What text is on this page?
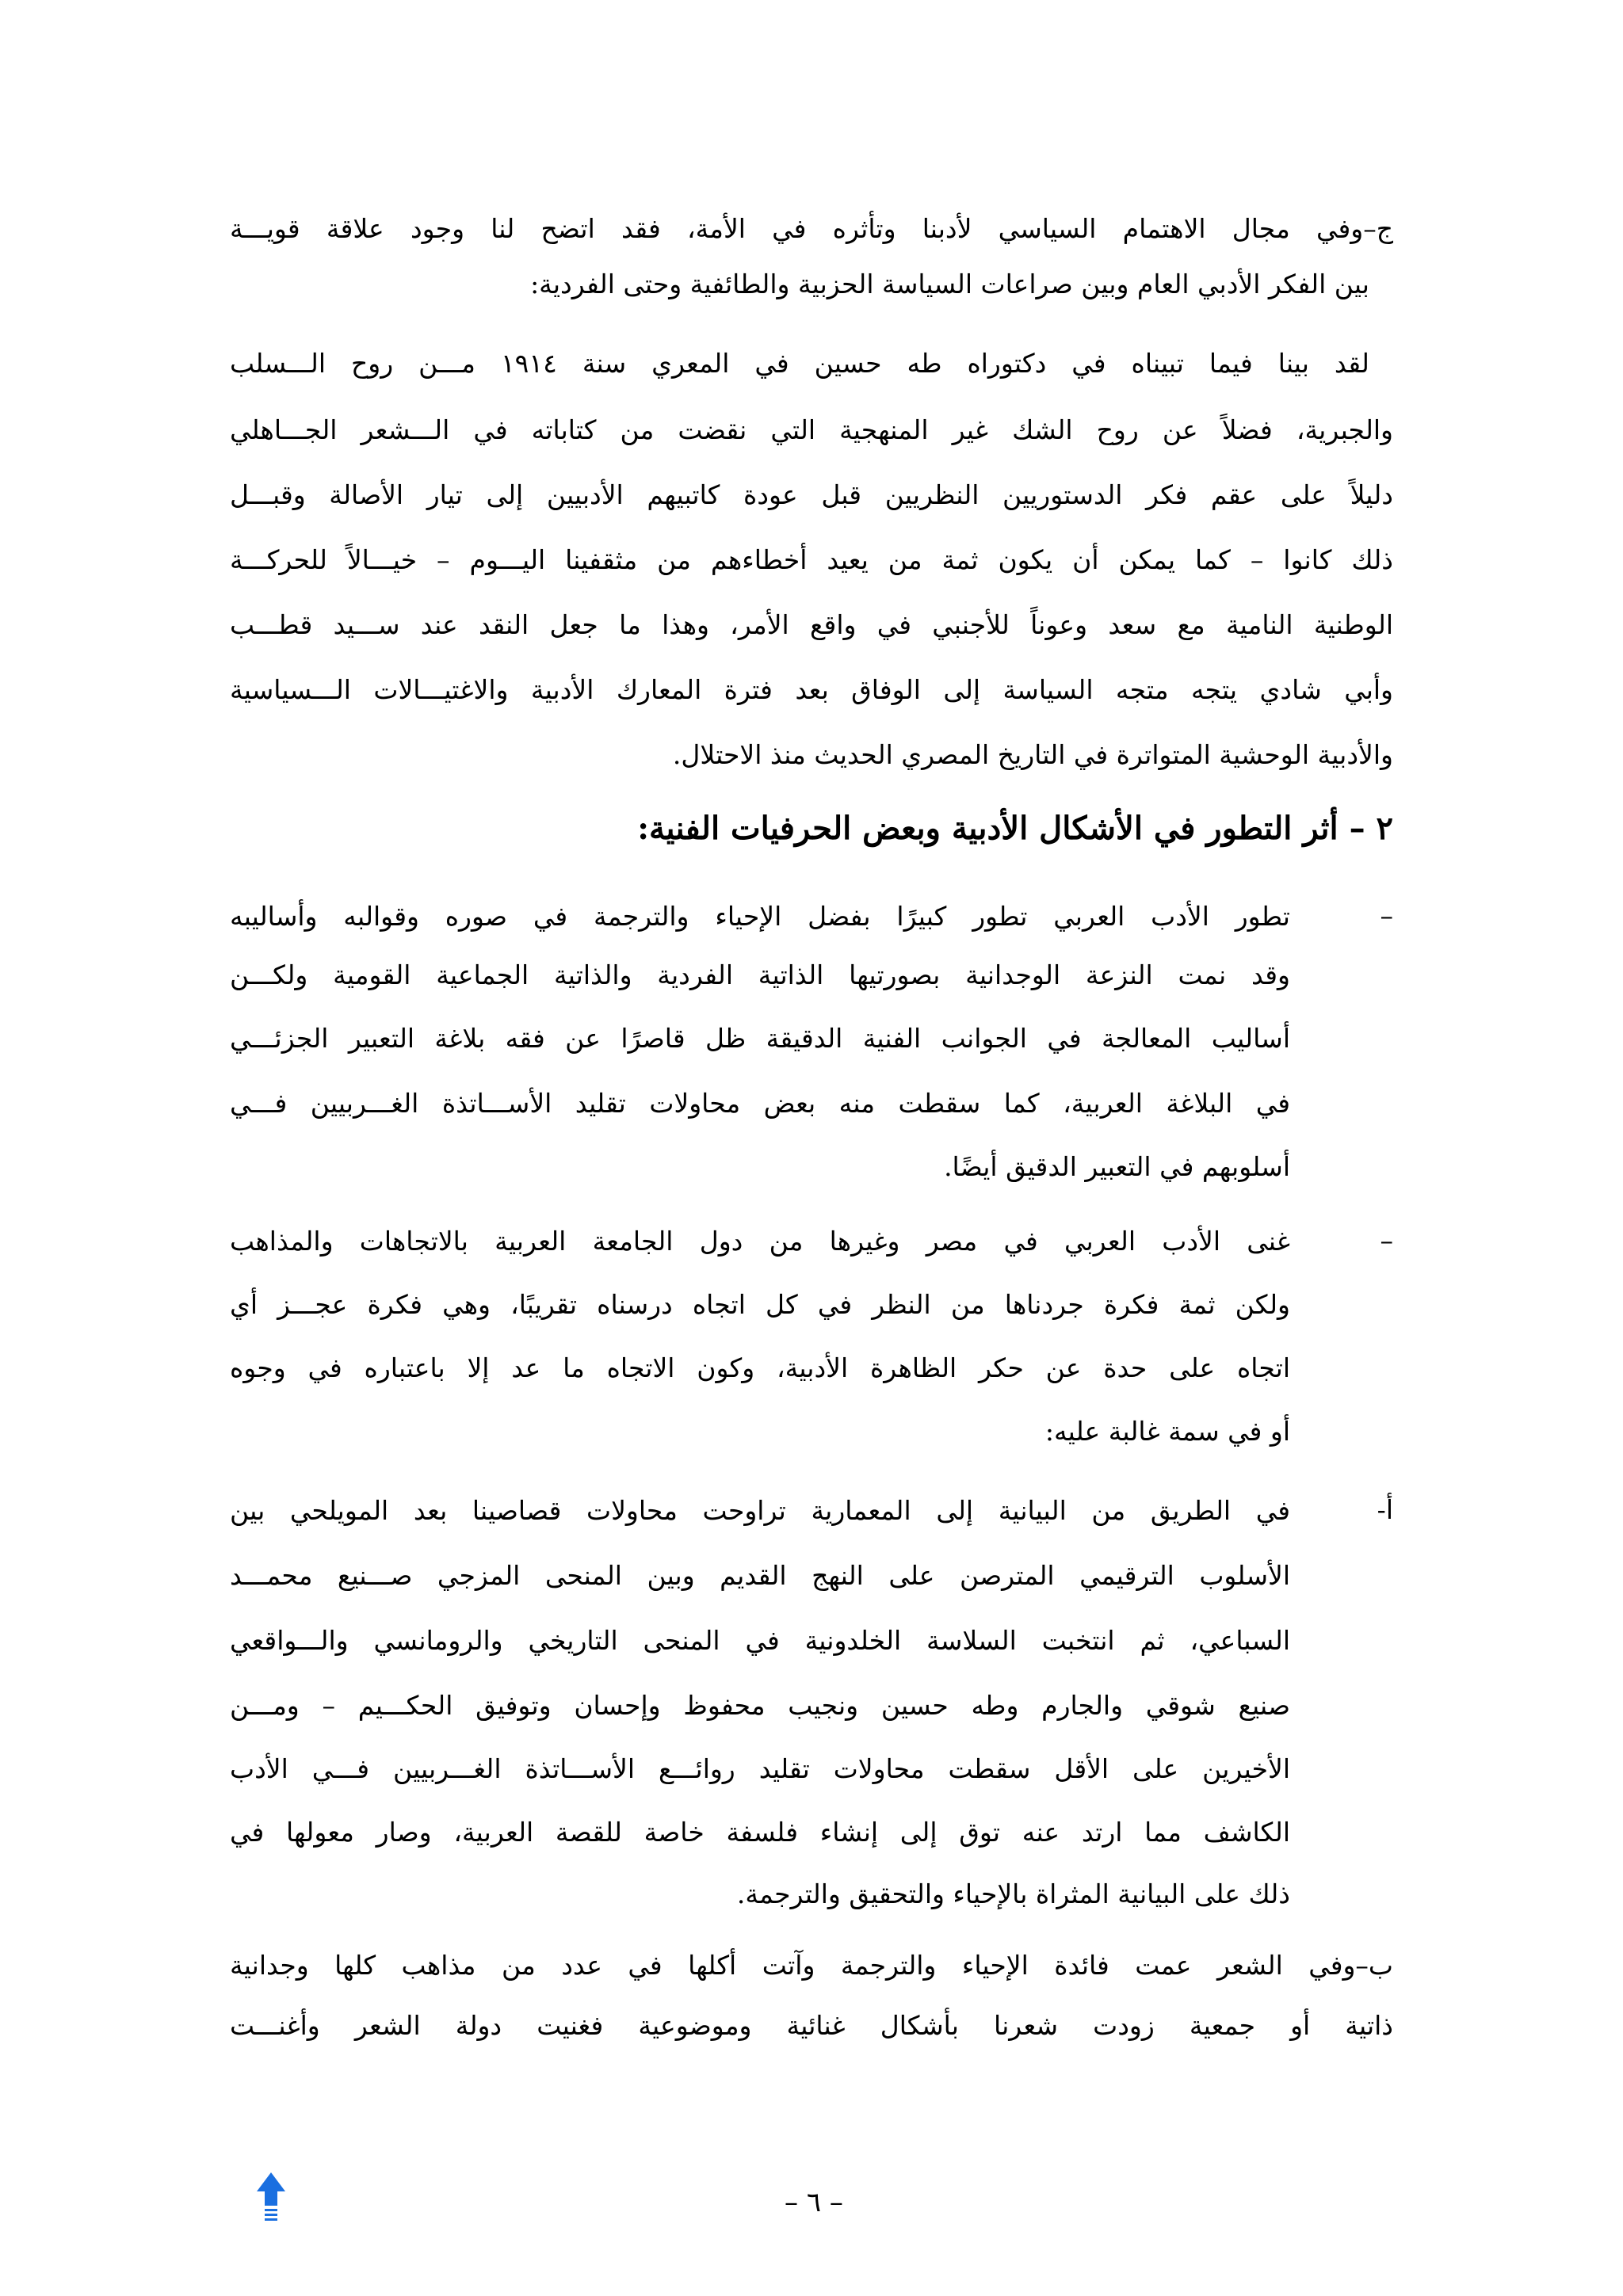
ج–وفي مجال الاهتمام السياسي لأدبنا وتأثره في الأمة، فقد اتضح لنا وجود علاقة قويـــة
بين الفكر الأدبي العام وبين صراعات السياسة الحزبية والطائفية وحتى الفردية:
لقد بينا فيما تبيناه في دكتوراه طه حسين في المعري سنة ١٩١٤ مـــن روح الـــسلب
والجبرية، فضلاً عن روح الشك غير المنهجية التي نقضت من كتاباته في الـــشعر الجـــاهلي
دليلاً على عقم فكر الدستوريين النظريين قبل عودة كاتبيهم الأدبيين إلى تيار الأصالة وقبـــل
ذلك كانوا – كما يمكن أن يكون ثمة من يعيد أخطاءهم من مثقفينا اليـــوم – خيـــالاً للحركـــة
الوطنية النامية مع سعد وعوناً للأجنبي في واقع الأمر، وهذا ما جعل النقد عند ســـيد قطـــب
وأبي شادي يتجه متجه السياسة إلى الوفاق بعد فترة المعارك الأدبية والاغتيـــالات الـــسياسية
والأدبية الوحشية المتواترة في التاريخ المصري الحديث منذ الاحتلال.
٢ – أثر التطور في الأشكال الأدبية وبعض الحرفيات الفنية:
–
تطور الأدب العربي تطور كبيرًا بفضل الإحياء والترجمة في صوره وقوالبه وأساليبه
وقد نمت النزعة الوجدانية بصورتيها الذاتية الفردية والذاتية الجماعية القومية ولكـــن
أساليب المعالجة في الجوانب الفنية الدقيقة ظل قاصرًا عن فقه بلاغة التعبير الجزئـــي
في البلاغة العربية، كما سقطت منه بعض محاولات تقليد الأســـاتذة الغـــربيين فـــي
أسلوبهم في التعبير الدقيق أيضًا.
–
غنى الأدب العربي في مصر وغيرها من دول الجامعة العربية بالاتجاهات والمذاهب
ولكن ثمة فكرة جردناها من النظر في كل اتجاه درسناه تقريبًا، وهي فكرة عجـــز أي
اتجاه على حدة عن حكر الظاهرة الأدبية، وكون الاتجاه ما عد إلا باعتباره في وجوه
أو في سمة غالبة عليه:
أ-
في الطريق من البيانية إلى المعمارية تراوحت محاولات قصاصينا بعد المويلحي بين
الأسلوب الترقيمي المترصن على النهج القديم وبين المنحى المزجي صـــنيع محمـــد
السباعي، ثم انتخبت السلاسة الخلدونية في المنحى التاريخي والرومانسي والـــواقعي
صنيع شوقي والجارم وطه حسين ونجيب محفوظ وإحسان وتوفيق الحكـــيم – ومـــن
الأخيرين على الأقل سقطت محاولات تقليد روائـــع الأســـاتذة الغـــربيين فـــي الأدب
الكاشف مما ارتد عنه توق إلى إنشاء فلسفة خاصة للقصة العربية، وصار معولها في
ذلك على البيانية المثراة بالإحياء والتحقيق والترجمة.
ب–وفي الشعر عمت فائدة الإحياء والترجمة وآتت أكلها في عدد من مذاهب كلها وجدانية
ذاتية أو جمعية زودت شعرنا بأشكال غنائية وموضوعية فغنيت دولة الشعر وأغنـــت
– ٦ –
